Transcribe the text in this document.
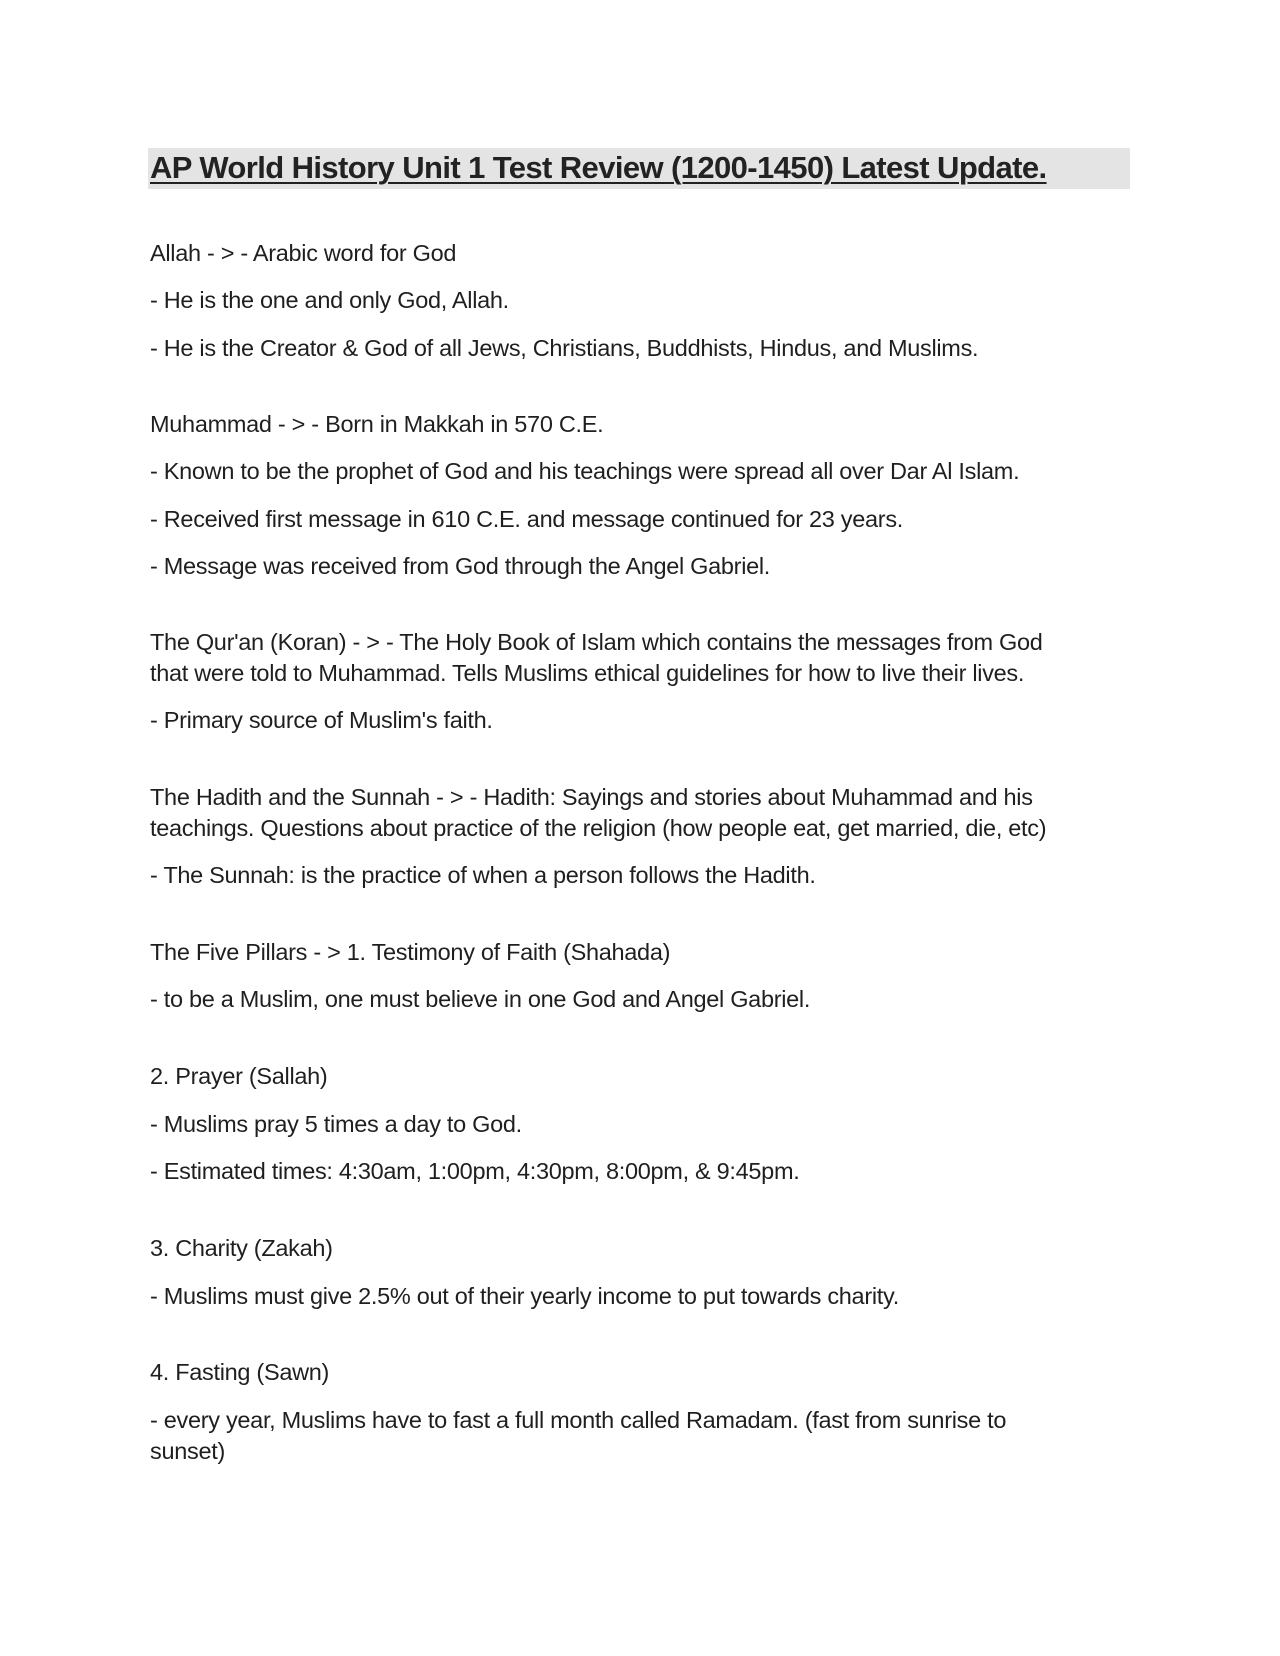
AP World History Unit 1 Test Review (1200-1450) Latest Update.

Allah - > - Arabic word for God

- He is the one and only God, Allah.

- He is the Creator & God of all Jews, Christians, Buddhists, Hindus, and Muslims.

Muhammad - > - Born in Makkah in 570 C.E.

- Known to be the prophet of God and his teachings were spread all over Dar Al Islam.

- Received first message in 610 C.E. and message continued for 23 years.

- Message was received from God through the Angel Gabriel.

The Qur'an (Koran) - > - The Holy Book of Islam which contains the messages from God

that were told to Muhammad. Tells Muslims ethical guidelines for how to live their lives.

- Primary source of Muslim's faith.

The Hadith and the Sunnah - > - Hadith: Sayings and stories about Muhammad and his

teachings. Questions about practice of the religion (how people eat, get married, die, etc)

- The Sunnah: is the practice of when a person follows the Hadith.

The Five Pillars - > 1. Testimony of Faith (Shahada)

- to be a Muslim, one must believe in one God and Angel Gabriel.

2. Prayer (Sallah)

- Muslims pray 5 times a day to God.

- Estimated times: 4:30am, 1:00pm, 4:30pm, 8:00pm, & 9:45pm.

3. Charity (Zakah)

- Muslims must give 2.5% out of their yearly income to put towards charity.

4. Fasting (Sawn)

- every year, Muslims have to fast a full month called Ramadam. (fast from sunrise to

sunset)
